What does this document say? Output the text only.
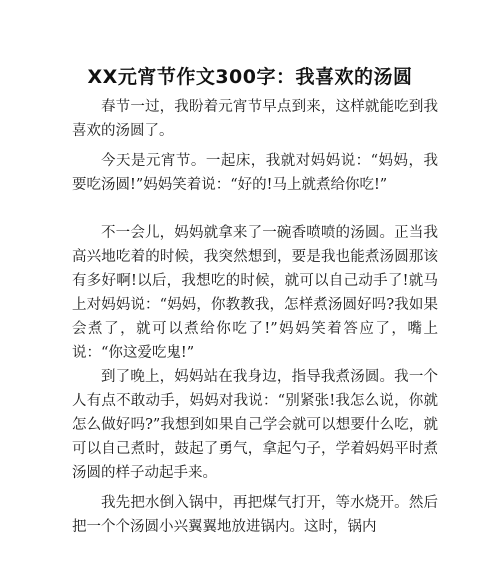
XX元宵节作文300字：我喜欢的汤圆

春节一过，我盼着元宵节早点到来，这样就能吃到我喜欢的汤圆了。

今天是元宵节。一起床，我就对妈妈说：“妈妈，我要吃汤圆!”妈妈笑着说：“好的!马上就煮给你吃!”

不一会儿，妈妈就拿来了一碗香喷喷的汤圆。正当我高兴地吃着的时候，我突然想到，要是我也能煮汤圆那该有多好啊!以后，我想吃的时候，就可以自己动手了!就马上对妈妈说：“妈妈，你教教我，怎样煮汤圆好吗?我如果会煮了，就可以煮给你吃了!”妈妈笑着答应了，嘴上说：“你这爱吃鬼!”

到了晚上，妈妈站在我身边，指导我煮汤圆。我一个人有点不敢动手，妈妈对我说：“别紧张!我怎么说，你就怎么做好吗?”我想到如果自己学会就可以想要什么吃，就可以自己煮时，鼓起了勇气，拿起勺子，学着妈妈平时煮汤圆的样子动起手来。

我先把水倒入锅中，再把煤气打开，等水烧开。然后把一个个汤圆小兴翼翼地放进锅内。这时，锅内
